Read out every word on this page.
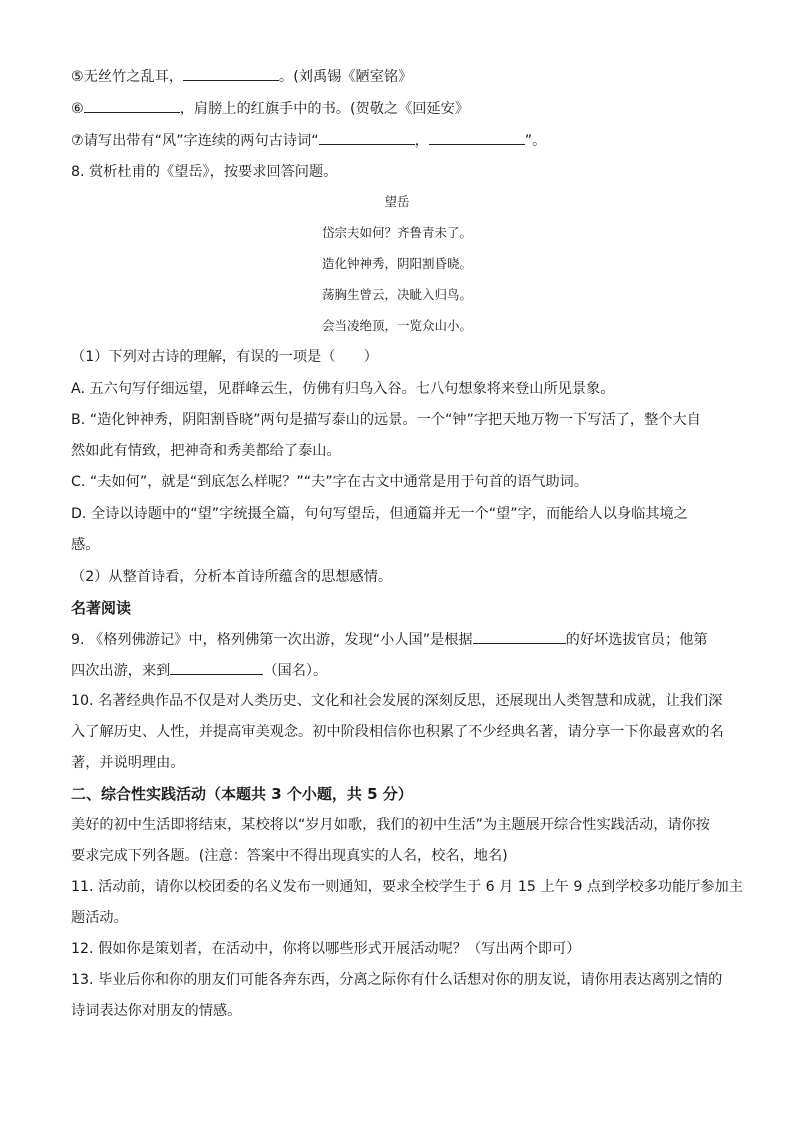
⑤无丝竹之乱耳，	。(刘禹锡《陋室铭》
⑥	，肩膀上的红旗手中的书。(贺敬之《回延安》
⑦请写出带有“风”字连续的两句古诗词“	，	”。
8. 赏析杜甫的《望岳》，按要求回答问题。
望岳
岱宗夫如何？齐鲁青未了。
造化钟神秀，阴阳割昏晓。
荡胸生曾云，决眦入归鸟。
会当凌绝顶，一览众山小。
（1）下列对古诗的理解，有误的一项是（　　）
A. 五六句写仔细远望，见群峰云生，仿佛有归鸟入谷。七八句想象将来登山所见景象。
B. “造化钟神秀，阴阳割昏晓”两句是描写泰山的远景。一个“钟”字把天地万物一下写活了，整个大自
然如此有情致，把神奇和秀美都给了泰山。
C. “夫如何”，就是“到底怎么样呢？”“夫”字在古文中通常是用于句首的语气助词。
D. 全诗以诗题中的“望”字统摄全篇，句句写望岳，但通篇并无一个“望”字，而能给人以身临其境之
感。
（2）从整首诗看，分析本首诗所蕴含的思想感情。
名著阅读
9. 《格列佛游记》中，格列佛第一次出游，发现“小人国”是根据	的好坏选拔官员；他第
四次出游，来到	（国名）。
10. 名著经典作品不仅是对人类历史、文化和社会发展的深刻反思，还展现出人类智慧和成就，让我们深
入了解历史、人性，并提高审美观念。初中阶段相信你也积累了不少经典名著，请分享一下你最喜欢的名
著，并说明理由。
二、综合性实践活动（本题共 3 个小题，共 5 分）
美好的初中生活即将结束，某校将以“岁月如歌，我们的初中生活”为主题展开综合性实践活动，请你按
要求完成下列各题。(注意：答案中不得出现真实的人名，校名，地名)
11. 活动前，请你以校团委的名义发布一则通知，要求全校学生于 6 月 15 上午 9 点到学校多功能厅参加主
题活动。
12. 假如你是策划者，在活动中，你将以哪些形式开展活动呢？（写出两个即可）
13. 毕业后你和你的朋友们可能各奔东西，分离之际你有什么话想对你的朋友说，请你用表达离别之情的
诗词表达你对朋友的情感。
